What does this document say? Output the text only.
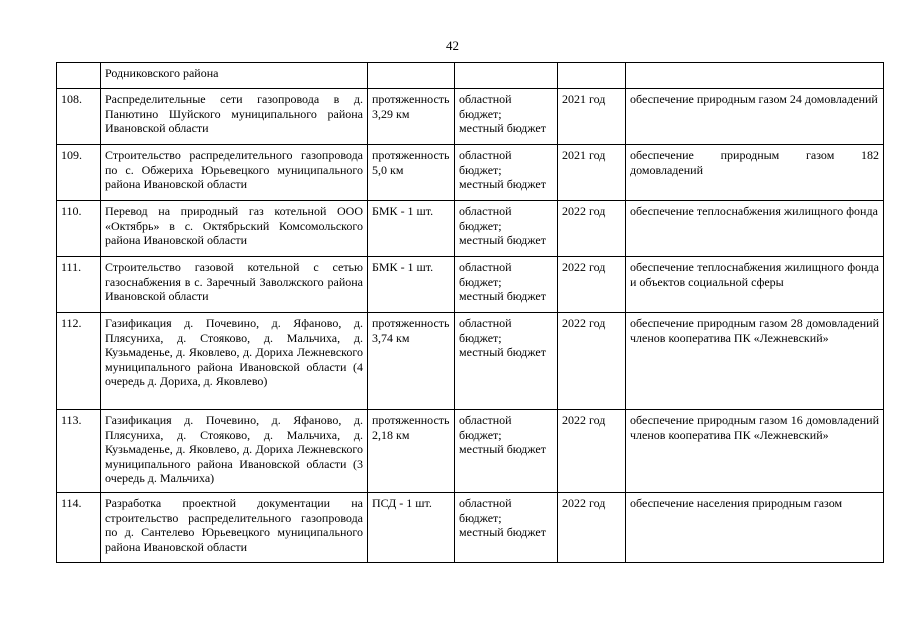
42

	Родниковского района				

108.	Распределительные сети газопровода в д. Панютино Шуйского муниципального района Ивановской области	протяженность 3,29 км	областной бюджет;
местный бюджет	2021 год	обеспечение природным газом 24 домовладений

109.	Строительство распределительного газопровода по с. Обжериха Юрьевецкого муниципального района Ивановской области	протяженность 5,0 км	областной бюджет;
местный бюджет	2021 год	обеспечение природным газом 182 домовладений

110.	Перевод на природный газ котельной ООО «Октябрь» в с. Октябрьский Комсомольского района Ивановской области	БМК - 1 шт.	областной бюджет;
местный бюджет	2022 год	обеспечение теплоснабжения жилищного фонда

111.	Строительство газовой котельной с сетью газоснабжения в с. Заречный Заволжского района Ивановской области	БМК - 1 шт.	областной бюджет;
местный бюджет	2022 год	обеспечение теплоснабжения жилищного фонда и объектов социальной сферы

112.	Газификация д. Почевино, д. Яфаново, д. Плясуниха, д. Стояково, д. Мальчиха, д. Кузьмаденье, д. Яковлево, д. Дориха Лежневского муниципального района Ивановской области (4 очередь д. Дориха, д. Яковлево)	протяженность 3,74 км	областной бюджет;
местный бюджет	2022 год	обеспечение природным газом 28 домовладений членов кооператива ПК «Лежневский»

113.	Газификация д. Почевино, д. Яфаново, д. Плясуниха, д. Стояково, д. Мальчиха, д. Кузьмаденье, д. Яковлево, д. Дориха Лежневского муниципального района Ивановской области (3 очередь д. Мальчиха)	протяженность 2,18 км	областной бюджет;
местный бюджет	2022 год	обеспечение природным газом 16 домовладений членов кооператива ПК «Лежневский»

114.	Разработка проектной документации на строительство распределительного газопровода по д. Сантелево Юрьевецкого муниципального района Ивановской области	ПСД - 1 шт.	областной бюджет;
местный бюджет	2022 год	обеспечение населения природным газом
